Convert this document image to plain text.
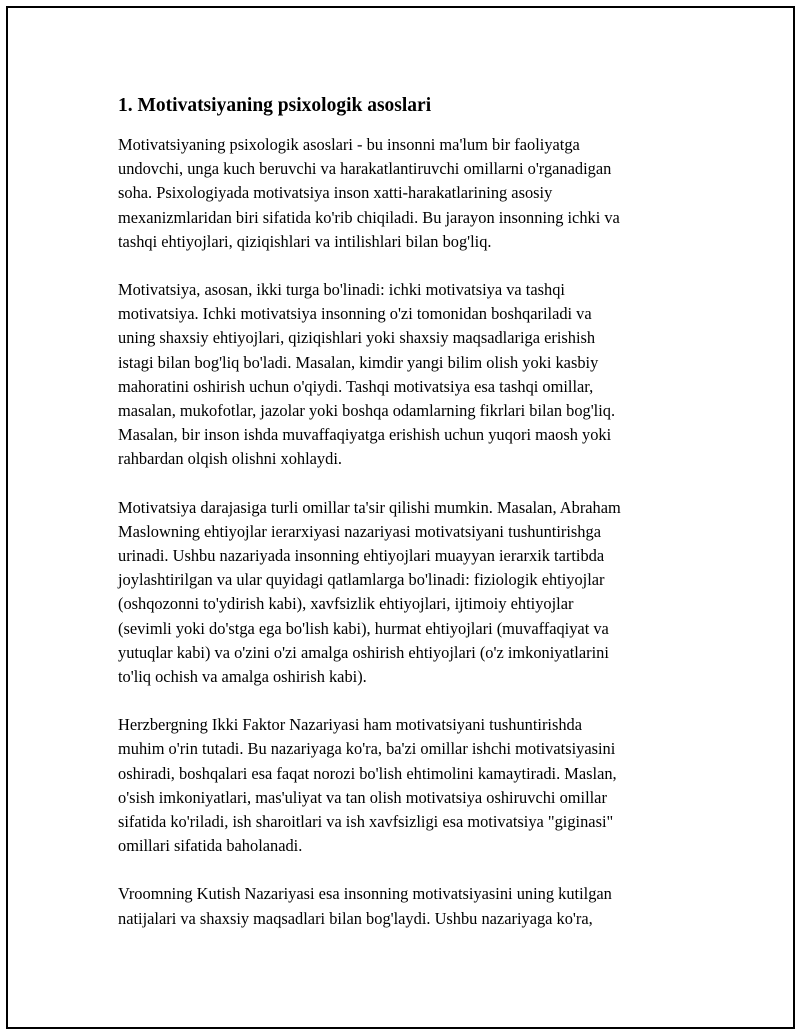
1. Motivatsiyaning psixologik asoslari

Motivatsiyaning psixologik asoslari - bu insonni ma'lum bir faoliyatga
undovchi, unga kuch beruvchi va harakatlantiruvchi omillarni o'rganadigan
soha. Psixologiyada motivatsiya inson xatti-harakatlarining asosiy
mexanizmlaridan biri sifatida ko'rib chiqiladi. Bu jarayon insonning ichki va
tashqi ehtiyojlari, qiziqishlari va intilishlari bilan bog'liq.

Motivatsiya, asosan, ikki turga bo'linadi: ichki motivatsiya va tashqi
motivatsiya. Ichki motivatsiya insonning o'zi tomonidan boshqariladi va
uning shaxsiy ehtiyojlari, qiziqishlari yoki shaxsiy maqsadlariga erishish
istagi bilan bog'liq bo'ladi. Masalan, kimdir yangi bilim olish yoki kasbiy
mahoratini oshirish uchun o'qiydi. Tashqi motivatsiya esa tashqi omillar,
masalan, mukofotlar, jazolar yoki boshqa odamlarning fikrlari bilan bog'liq.
Masalan, bir inson ishda muvaffaqiyatga erishish uchun yuqori maosh yoki
rahbardan olqish olishni xohlaydi.

Motivatsiya darajasiga turli omillar ta'sir qilishi mumkin. Masalan, Abraham
Maslowning ehtiyojlar ierarxiyasi nazariyasi motivatsiyani tushuntirishga
urinadi. Ushbu nazariyada insonning ehtiyojlari muayyan ierarxik tartibda
joylashtirilgan va ular quyidagi qatlamlarga bo'linadi: fiziologik ehtiyojlar
(oshqozonni to'ydirish kabi), xavfsizlik ehtiyojlari, ijtimoiy ehtiyojlar
(sevimli yoki do'stga ega bo'lish kabi), hurmat ehtiyojlari (muvaffaqiyat va
yutuqlar kabi) va o'zini o'zi amalga oshirish ehtiyojlari (o'z imkoniyatlarini
to'liq ochish va amalga oshirish kabi).

Herzbergning Ikki Faktor Nazariyasi ham motivatsiyani tushuntirishda
muhim o'rin tutadi. Bu nazariyaga ko'ra, ba'zi omillar ishchi motivatsiyasini
oshiradi, boshqalari esa faqat norozi bo'lish ehtimolini kamaytiradi. Maslan,
o'sish imkoniyatlari, mas'uliyat va tan olish motivatsiya oshiruvchi omillar
sifatida ko'riladi, ish sharoitlari va ish xavfsizligi esa motivatsiya "giginasi"
omillari sifatida baholanadi.

Vroomning Kutish Nazariyasi esa insonning motivatsiyasini uning kutilgan
natijalari va shaxsiy maqsadlari bilan bog'laydi. Ushbu nazariyaga ko'ra,
